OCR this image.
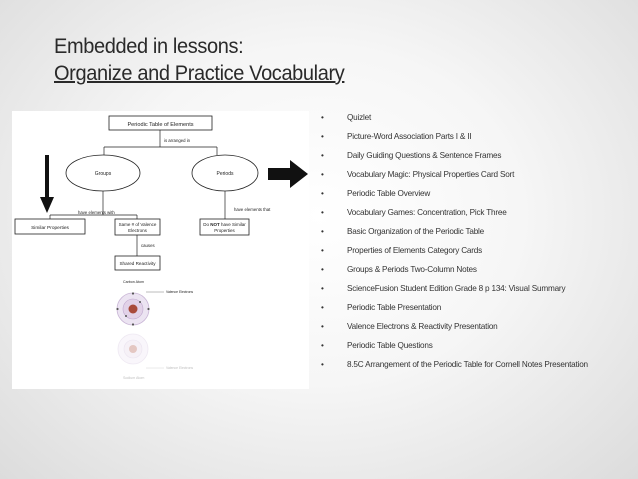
Embedded in lessons:
Organize and Practice Vocabulary
Periodic Table of Elements
is arranged in
Groups	Periods
have elements with
Similar Properties
Same # of Valence
Electrons
have elements that
Do NOT have Similar
Properties
causes
Shared Reactivity
Carbon Atom
Valence Electrons
Valence Electrons
Sodium Atom
•	Quizlet
•	Picture-Word Association Parts I & II
•	Daily Guiding Questions & Sentence Frames
•	Vocabulary Magic: Physical Properties Card Sort
•	Periodic Table Overview
•	Vocabulary Games: Concentration, Pick Three
•	Basic Organization of the Periodic Table
•	Properties of Elements Category Cards
•	Groups & Periods Two-Column Notes
•	ScienceFusion Student Edition Grade 8 p 134: Visual Summary
•	Periodic Table Presentation
•	Valence Electrons & Reactivity Presentation
•	Periodic Table Questions
•	8.5C Arrangement of the Periodic Table for Cornell Notes Presentation
